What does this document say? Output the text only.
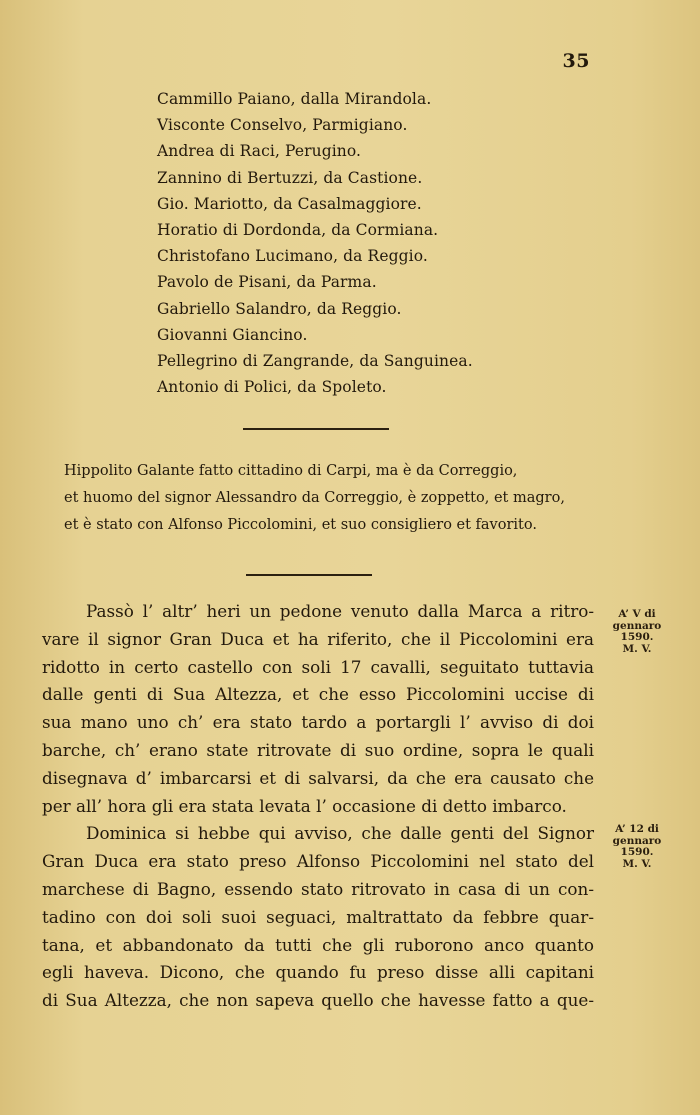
35
Cammillo Paiano, dalla Mirandola.
Visconte Conselvo, Parmigiano.
Andrea di Raci, Perugino.
Zannino di Bertuzzi, da Castione.
Gio. Mariotto, da Casalmaggiore.
Horatio di Dordonda, da Cormiana.
Christofano Lucimano, da Reggio.
Pavolo de Pisani, da Parma.
Gabriello Salandro, da Reggio.
Giovanni Giancino.
Pellegrino di Zangrande, da Sanguinea.
Antonio di Polici, da Spoleto.

Hippolito Galante fatto cittadino di Carpi, ma è da Correggio,
et huomo del signor Alessandro da Correggio, è zoppetto, et magro,
et è stato con Alfonso Piccolomini, et suo consigliero et favorito.

Passò l’ altr’ heri un pedone venuto dalla Marca a ritro-
vare il signor Gran Duca et ha riferito, che il Piccolomini era
ridotto in certo castello con soli 17 cavalli, seguitato tuttavia
dalle genti di Sua Altezza, et che esso Piccolomini uccise di
sua mano uno ch’ era stato tardo a portargli l’ avviso di doi
barche, ch’ erano state ritrovate di suo ordine, sopra le quali
disegnava d’ imbarcarsi et di salvarsi, da che era causato che
per all’ hora gli era stata levata l’ occasione di detto imbarco.
Dominica si hebbe qui avviso, che dalle genti del Signor
Gran Duca era stato preso Alfonso Piccolomini nel stato del
marchese di Bagno, essendo stato ritrovato in casa di un con-
tadino con doi soli suoi seguaci, maltrattato da febbre quar-
tana, et abbandonato da tutti che gli ruborono anco quanto
egli haveva. Dicono, che quando fu preso disse alli capitani
di Sua Altezza, che non sapeva quello che havesse fatto a que-
A’ V di
gennaro
1590.
M. V.
A’ 12 di
gennaro
1590.
M. V.
